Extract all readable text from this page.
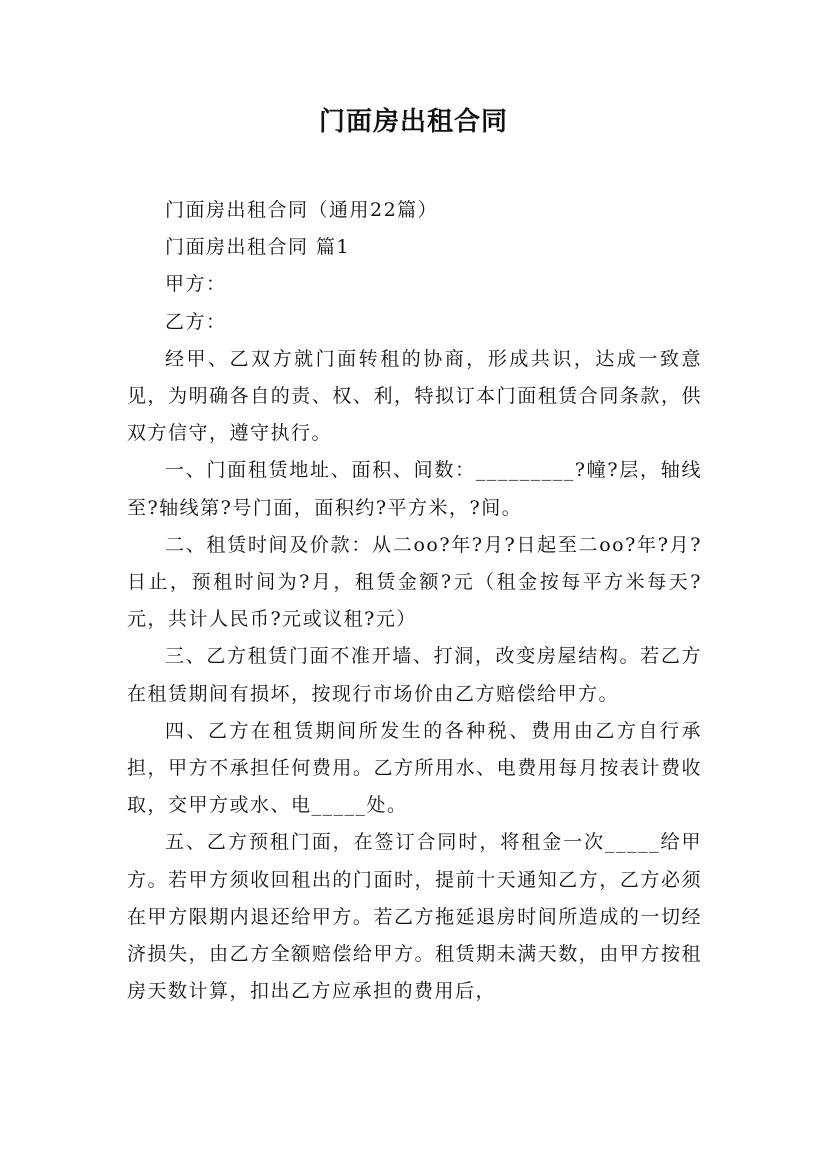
门面房出租合同

门面房出租合同（通用22篇）

门面房出租合同 篇1

甲方：

乙方：

经甲、乙双方就门面转租的协商，形成共识，达成一致意见，为明确各自的责、权、利，特拟订本门面租赁合同条款，供双方信守，遵守执行。

一、门面租赁地址、面积、间数：_________?幢?层，轴线至?轴线第?号门面，面积约?平方米，?间。

二、租赁时间及价款：从二oo?年?月?日起至二oo?年?月?日止，预租时间为?月，租赁金额?元（租金按每平方米每天?元，共计人民币?元或议租?元）

三、乙方租赁门面不准开墙、打洞，改变房屋结构。若乙方在租赁期间有损坏，按现行市场价由乙方赔偿给甲方。

四、乙方在租赁期间所发生的各种税、费用由乙方自行承担，甲方不承担任何费用。乙方所用水、电费用每月按表计费收取，交甲方或水、电_____处。

五、乙方预租门面，在签订合同时，将租金一次_____给甲方。若甲方须收回租出的门面时，提前十天通知乙方，乙方必须在甲方限期内退还给甲方。若乙方拖延退房时间所造成的一切经济损失，由乙方全额赔偿给甲方。租赁期未满天数，由甲方按租房天数计算，扣出乙方应承担的费用后，
